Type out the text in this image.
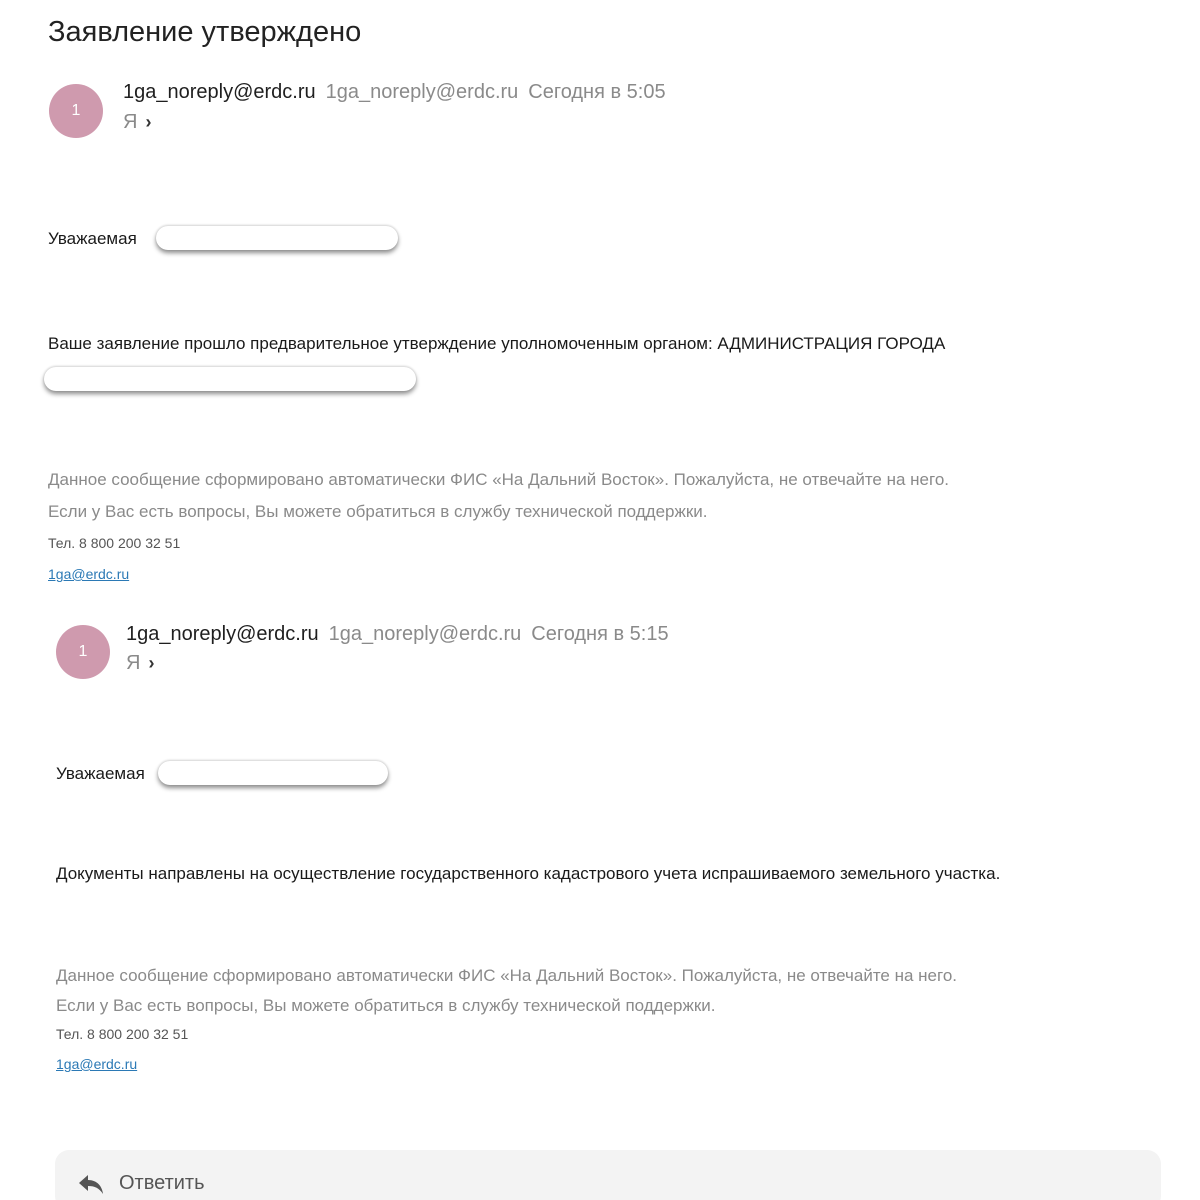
Заявление утверждено
1
1ga_noreply@erdc.ru 1ga_noreply@erdc.ru Сегодня в 5:05
Я ›
Уважаемая
Ваше заявление прошло предварительное утверждение уполномоченным органом: АДМИНИСТРАЦИЯ ГОРОДА
Данное сообщение сформировано автоматически ФИС «На Дальний Восток». Пожалуйста, не отвечайте на него.
Если у Вас есть вопросы, Вы можете обратиться в службу технической поддержки.
Тел. 8 800 200 32 51
1ga@erdc.ru
1
1ga_noreply@erdc.ru 1ga_noreply@erdc.ru Сегодня в 5:15
Я ›
Уважаемая
Документы направлены на осуществление государственного кадастрового учета испрашиваемого земельного участка.
Данное сообщение сформировано автоматически ФИС «На Дальний Восток». Пожалуйста, не отвечайте на него.
Если у Вас есть вопросы, Вы можете обратиться в службу технической поддержки.
Тел. 8 800 200 32 51
1ga@erdc.ru
Ответить
